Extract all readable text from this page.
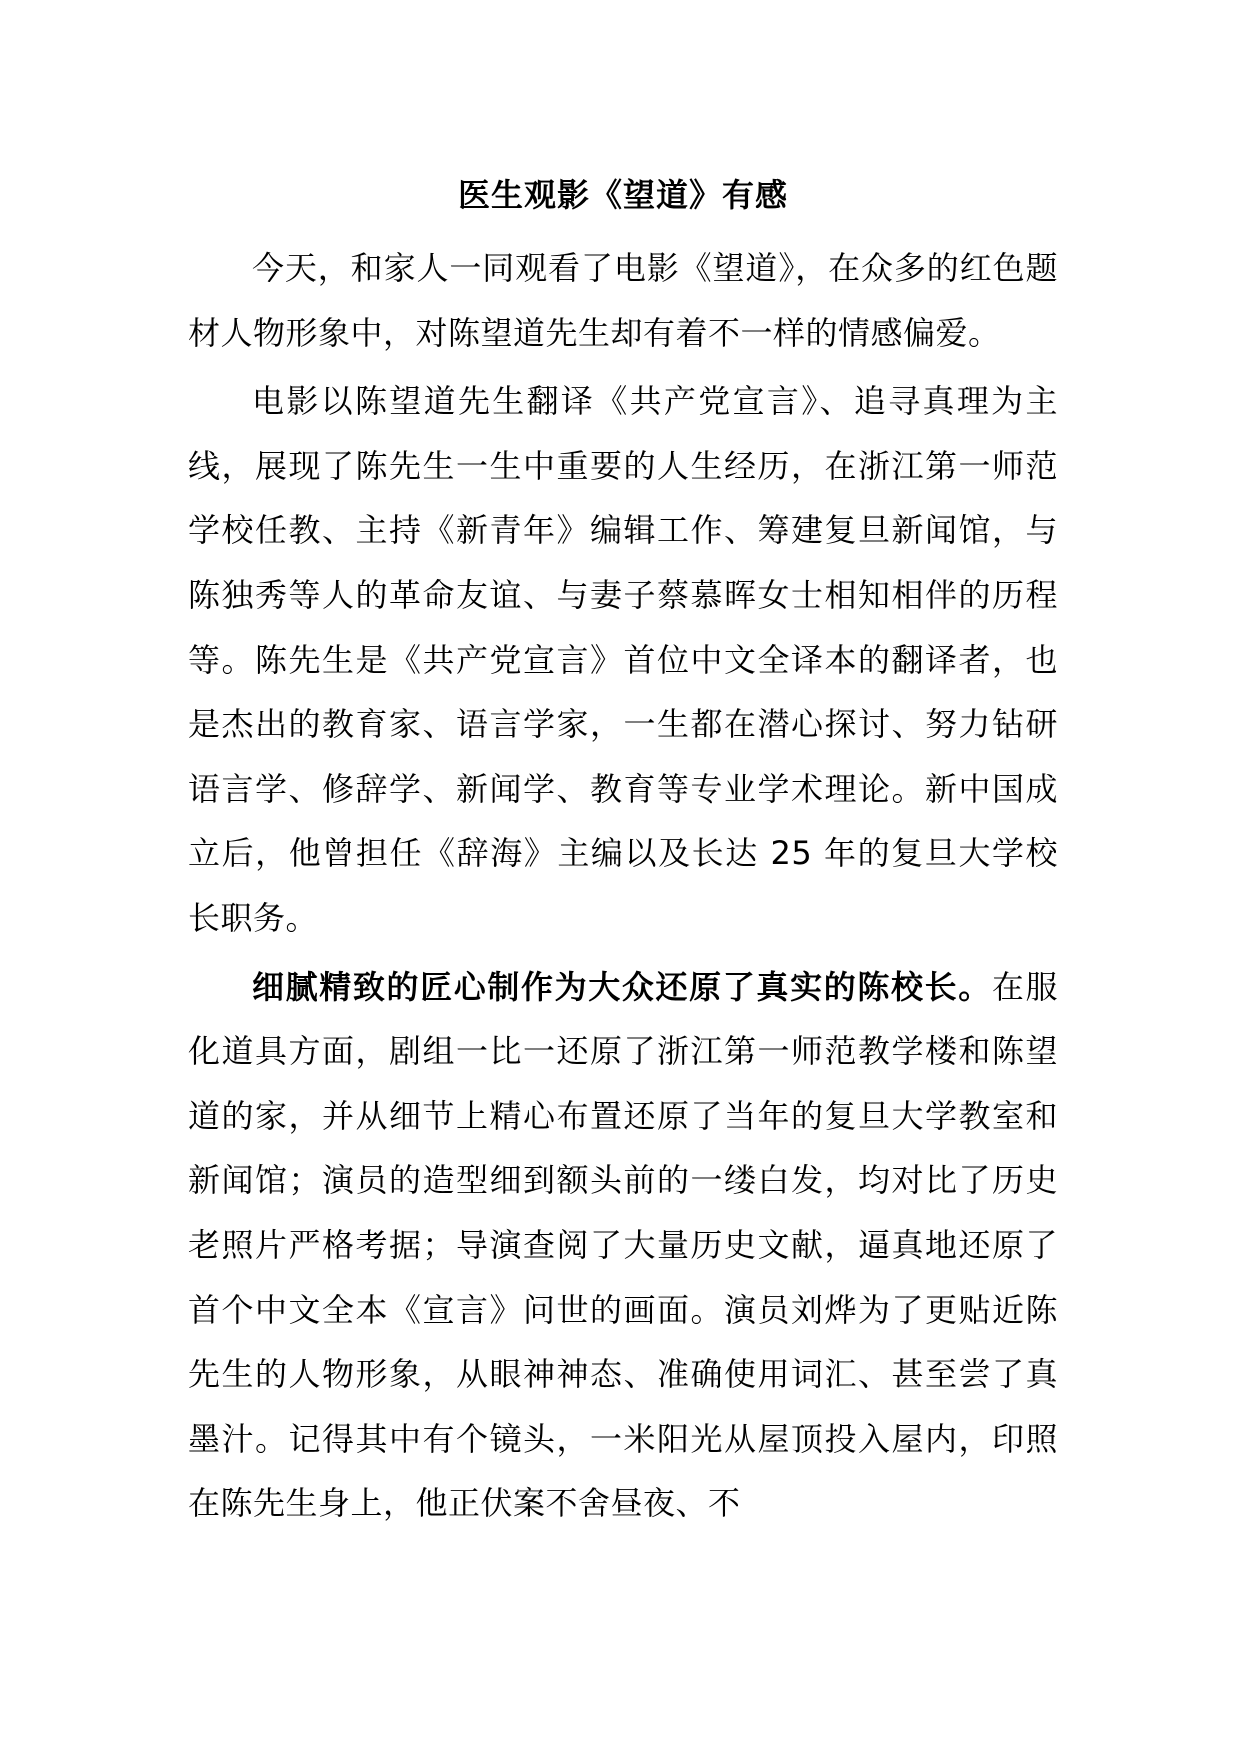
医生观影《望道》有感

今天，和家人一同观看了电影《望道》，在众多的红色题材人物形象中，对陈望道先生却有着不一样的情感偏爱。

电影以陈望道先生翻译《共产党宣言》、追寻真理为主线，展现了陈先生一生中重要的人生经历，在浙江第一师范学校任教、主持《新青年》编辑工作、筹建复旦新闻馆，与陈独秀等人的革命友谊、与妻子蔡慕晖女士相知相伴的历程等。陈先生是《共产党宣言》首位中文全译本的翻译者，也是杰出的教育家、语言学家，一生都在潜心探讨、努力钻研语言学、修辞学、新闻学、教育等专业学术理论。新中国成立后，他曾担任《辞海》主编以及长达 25 年的复旦大学校长职务。

细腻精致的匠心制作为大众还原了真实的陈校长。在服化道具方面，剧组一比一还原了浙江第一师范教学楼和陈望道的家，并从细节上精心布置还原了当年的复旦大学教室和新闻馆；演员的造型细到额头前的一缕白发，均对比了历史老照片严格考据；导演查阅了大量历史文献，逼真地还原了首个中文全本《宣言》问世的画面。演员刘烨为了更贴近陈先生的人物形象，从眼神神态、准确使用词汇、甚至尝了真墨汁。记得其中有个镜头，一米阳光从屋顶投入屋内，印照在陈先生身上，他正伏案不舍昼夜、不
